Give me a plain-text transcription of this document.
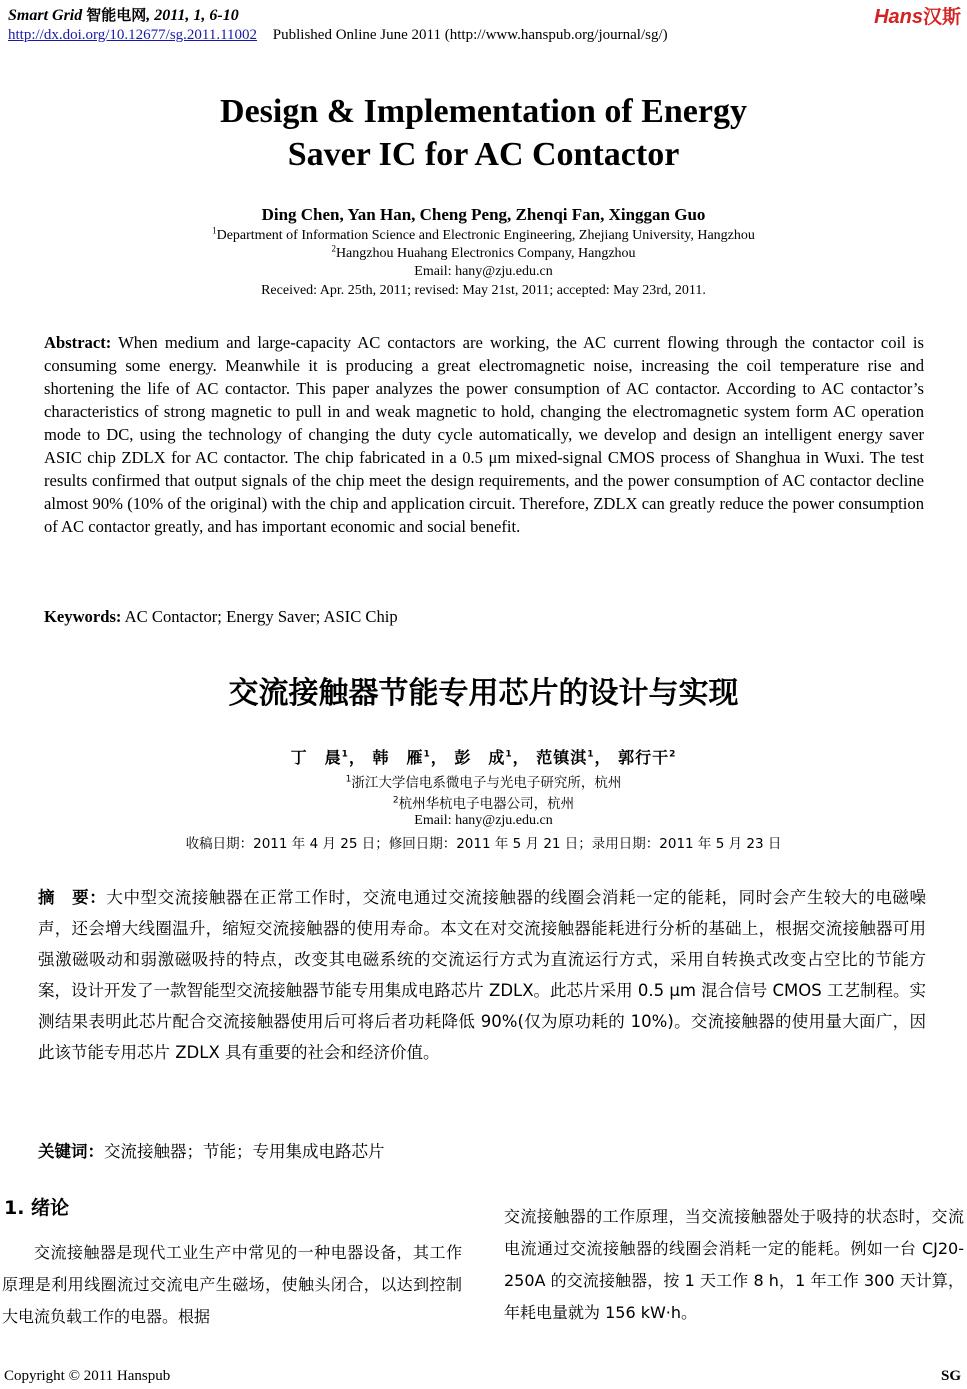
Smart Grid 智能电网, 2011, 1, 6-10
http://dx.doi.org/10.12677/sg.2011.11002 Published Online June 2011 (http://www.hanspub.org/journal/sg/)
Hans汉斯
Design & Implementation of Energy
Saver IC for AC Contactor
Ding Chen, Yan Han, Cheng Peng, Zhenqi Fan, Xinggan Guo
$^1$Department of Information Science and Electronic Engineering, Zhejiang University, Hangzhou
$^2$Hangzhou Huahang Electronics Company, Hangzhou
Email: hany@zju.edu.cn
Received: Apr. 25th, 2011; revised: May 21st, 2011; accepted: May 23rd, 2011.
Abstract: When medium and large-capacity AC contactors are working, the AC current flowing through the contactor coil is consuming some energy. Meanwhile it is producing a great electromagnetic noise, increasing the coil temperature rise and shortening the life of AC contactor. This paper analyzes the power consumption of AC contactor. According to AC contactor’s characteristics of strong magnetic to pull in and weak magnetic to hold, changing the electromagnetic system form AC operation mode to DC, using the technology of changing the duty cycle automatically, we develop and design an intelligent energy saver ASIC chip ZDLX for AC contactor. The chip fabricated in a 0.5 μm mixed-signal CMOS process of Shanghua in Wuxi. The test results confirmed that output signals of the chip meet the design requirements, and the power consumption of AC contactor decline almost 90% (10% of the original) with the chip and application circuit. Therefore, ZDLX can greatly reduce the power consumption of AC contactor greatly, and has important economic and social benefit.
Keywords: AC Contactor; Energy Saver; ASIC Chip
交流接触器节能专用芯片的设计与实现
丁　晨$^1$， 韩　雁$^1$， 彭　成$^1$， 范镇淇$^1$， 郭行干$^2$
$^1$浙江大学信电系微电子与光电子研究所，杭州
$^2$杭州华杭电子电器公司，杭州
Email: hany@zju.edu.cn
收稿日期：2011 年 4 月 25 日；修回日期：2011 年 5 月 21 日；录用日期：2011 年 5 月 23 日
摘　要：大中型交流接触器在正常工作时，交流电通过交流接触器的线圈会消耗一定的能耗，同时会产生较大的电磁噪声，还会增大线圈温升，缩短交流接触器的使用寿命。本文在对交流接触器能耗进行分析的基础上，根据交流接触器可用强激磁吸动和弱激磁吸持的特点，改变其电磁系统的交流运行方式为直流运行方式，采用自转换式改变占空比的节能方案，设计开发了一款智能型交流接触器节能专用集成电路芯片 ZDLX。此芯片采用 0.5 μm 混合信号 CMOS 工艺制程。实测结果表明此芯片配合交流接触器使用后可将后者功耗降低 90%(仅为原功耗的 10%)。交流接触器的使用量大面广，因此该节能专用芯片 ZDLX 具有重要的社会和经济价值。
关键词：交流接触器；节能；专用集成电路芯片
1. 绪论
交流接触器是现代工业生产中常见的一种电器设备，其工作原理是利用线圈流过交流电产生磁场，使触头闭合，以达到控制大电流负载工作的电器。根据
交流接触器的工作原理，当交流接触器处于吸持的状态时，交流电流通过交流接触器的线圈会消耗一定的能耗。例如一台 CJ20-250A 的交流接触器，按 1 天工作 8 h，1 年工作 300 天计算，年耗电量就为 156 kW·h。
Copyright © 2011 Hanspub	SG
